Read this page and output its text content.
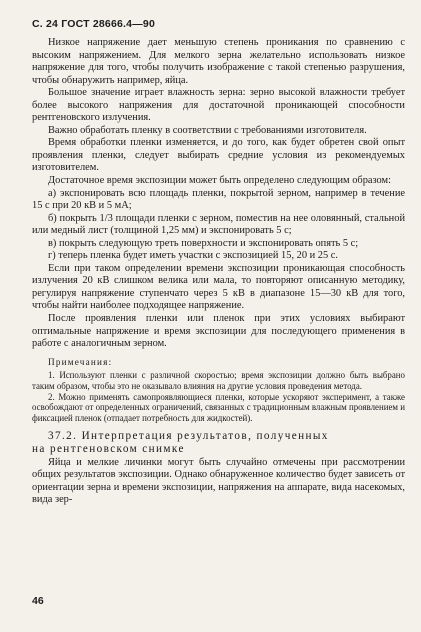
С. 24 ГОСТ 28666.4—90

Низкое напряжение дает меньшую степень проникания по сравнению с высоким напряжением. Для мелкого зерна желательно использовать низкое напряжение для того, чтобы получить изображение с такой степенью разрушения, чтобы обнаружить например, яйца.

Большое значение играет влажность зерна: зерно высокой влажности требует более высокого напряжения для достаточной проникающей способности рентгеновского излучения.

Важно обработать пленку в соответствии с требованиями изготовителя.

Время обработки пленки изменяется, и до того, как будет обретен свой опыт проявления пленки, следует выбирать средние условия из рекомендуемых изготовителем.

Достаточное время экспозиции может быть определено следующим образом:

а) экспонировать всю площадь пленки, покрытой зерном, например в течение 15 с при 20 кВ и 5 мА;

б) покрыть 1/3 площади пленки с зерном, поместив на нее оловянный, стальной или медный лист (толщиной 1,25 мм) и экспонировать 5 с;

в) покрыть следующую треть поверхности и экспонировать опять 5 с;

г) теперь пленка будет иметь участки с экспозицией 15, 20 и 25 с.

Если при таком определении времени экспозиции проникающая способность излучения 20 кВ слишком велика или мала, то повторяют описанную методику, регулируя напряжение ступенчато через 5 кВ в диапазоне 15—30 кВ для того, чтобы найти наиболее подходящее напряжение.

После проявления пленки или пленок при этих условиях выбирают оптимальные напряжение и время экспозиции для последующего применения в работе с аналогичным зерном.

Примечания:

1. Используют пленки с различной скоростью; время экспозиции должно быть выбрано таким образом, чтобы это не оказывало влияния на другие условия проведения метода.

2. Можно применять самопроявляющиеся пленки, которые ускоряют эксперимент, а также освобождают от определенных ограничений, связанных с традиционным влажным проявлением и фиксацией пленок (отпадает потребность для жидкостей).

37.2. Интерпретация результатов, полученных
на рентгеновском снимке

Яйца и мелкие личинки могут быть случайно отмечены при рассмотрении общих результатов экспозиции. Однако обнаруженное количество будет зависеть от ориентации зерна и времени экспозиции, напряжения на аппарате, вида насекомых, вида зер-

46
